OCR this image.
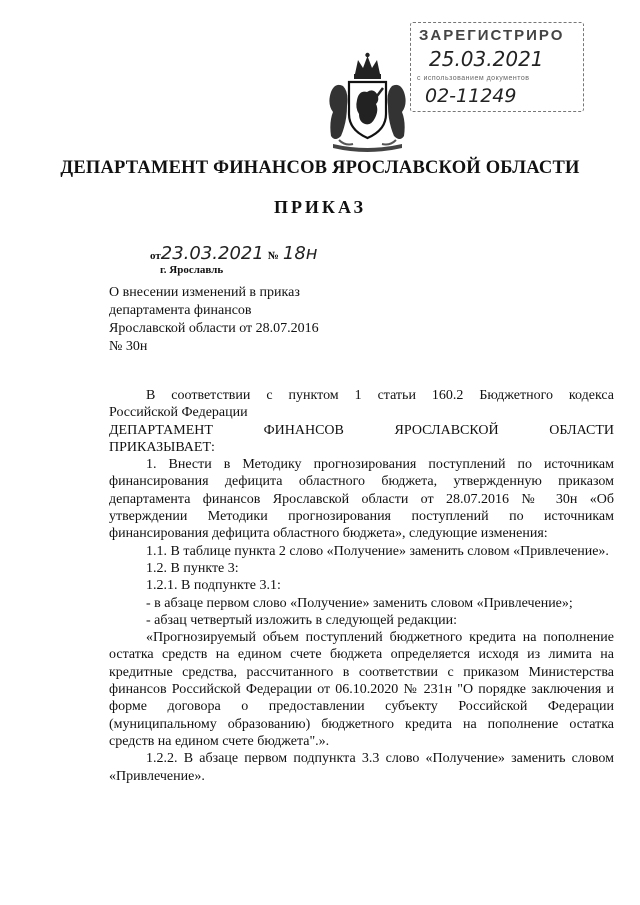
ЗАРЕГИСТРИРО
25.03.2021
с использованием документов
02-11249
ДЕПАРТАМЕНТ ФИНАНСОВ ЯРОСЛАВСКОЙ ОБЛАСТИ
ПРИКАЗ
от23.03.2021 № 18н
г. Ярославль
О внесении изменений в приказ
департамента финансов
Ярославской области от 28.07.2016
№ 30н

В соответствии с пунктом 1 статьи 160.2 Бюджетного кодекса

Российской Федерации

ДЕПАРТАМЕНТ ФИНАНСОВ ЯРОСЛАВСКОЙ ОБЛАСТИ

ПРИКАЗЫВАЕТ:

1. Внести в Методику прогнозирования поступлений по источникам финансирования дефицита областного бюджета, утвержденную приказом департамента финансов Ярославской области от 28.07.2016 № 30н «Об утверждении Методики прогнозирования поступлений по источникам финансирования дефицита областного бюджета», следующие изменения:

1.1. В таблице пункта 2 слово «Получение» заменить словом «Привлечение».

1.2. В пункте 3:

1.2.1. В подпункте 3.1:

- в абзаце первом слово «Получение» заменить словом «Привлечение»;

- абзац четвертый изложить в следующей редакции:

«Прогнозируемый объем поступлений бюджетного кредита на пополнение остатка средств на едином счете бюджета определяется исходя из лимита на кредитные средства, рассчитанного в соответствии с приказом Министерства финансов Российской Федерации от 06.10.2020 № 231н "О порядке заключения и форме договора о предоставлении субъекту Российской Федерации (муниципальному образованию) бюджетного кредита на пополнение остатка средств на едином счете бюджета".».

1.2.2. В абзаце первом подпункта 3.3 слово «Получение» заменить словом «Привлечение».
